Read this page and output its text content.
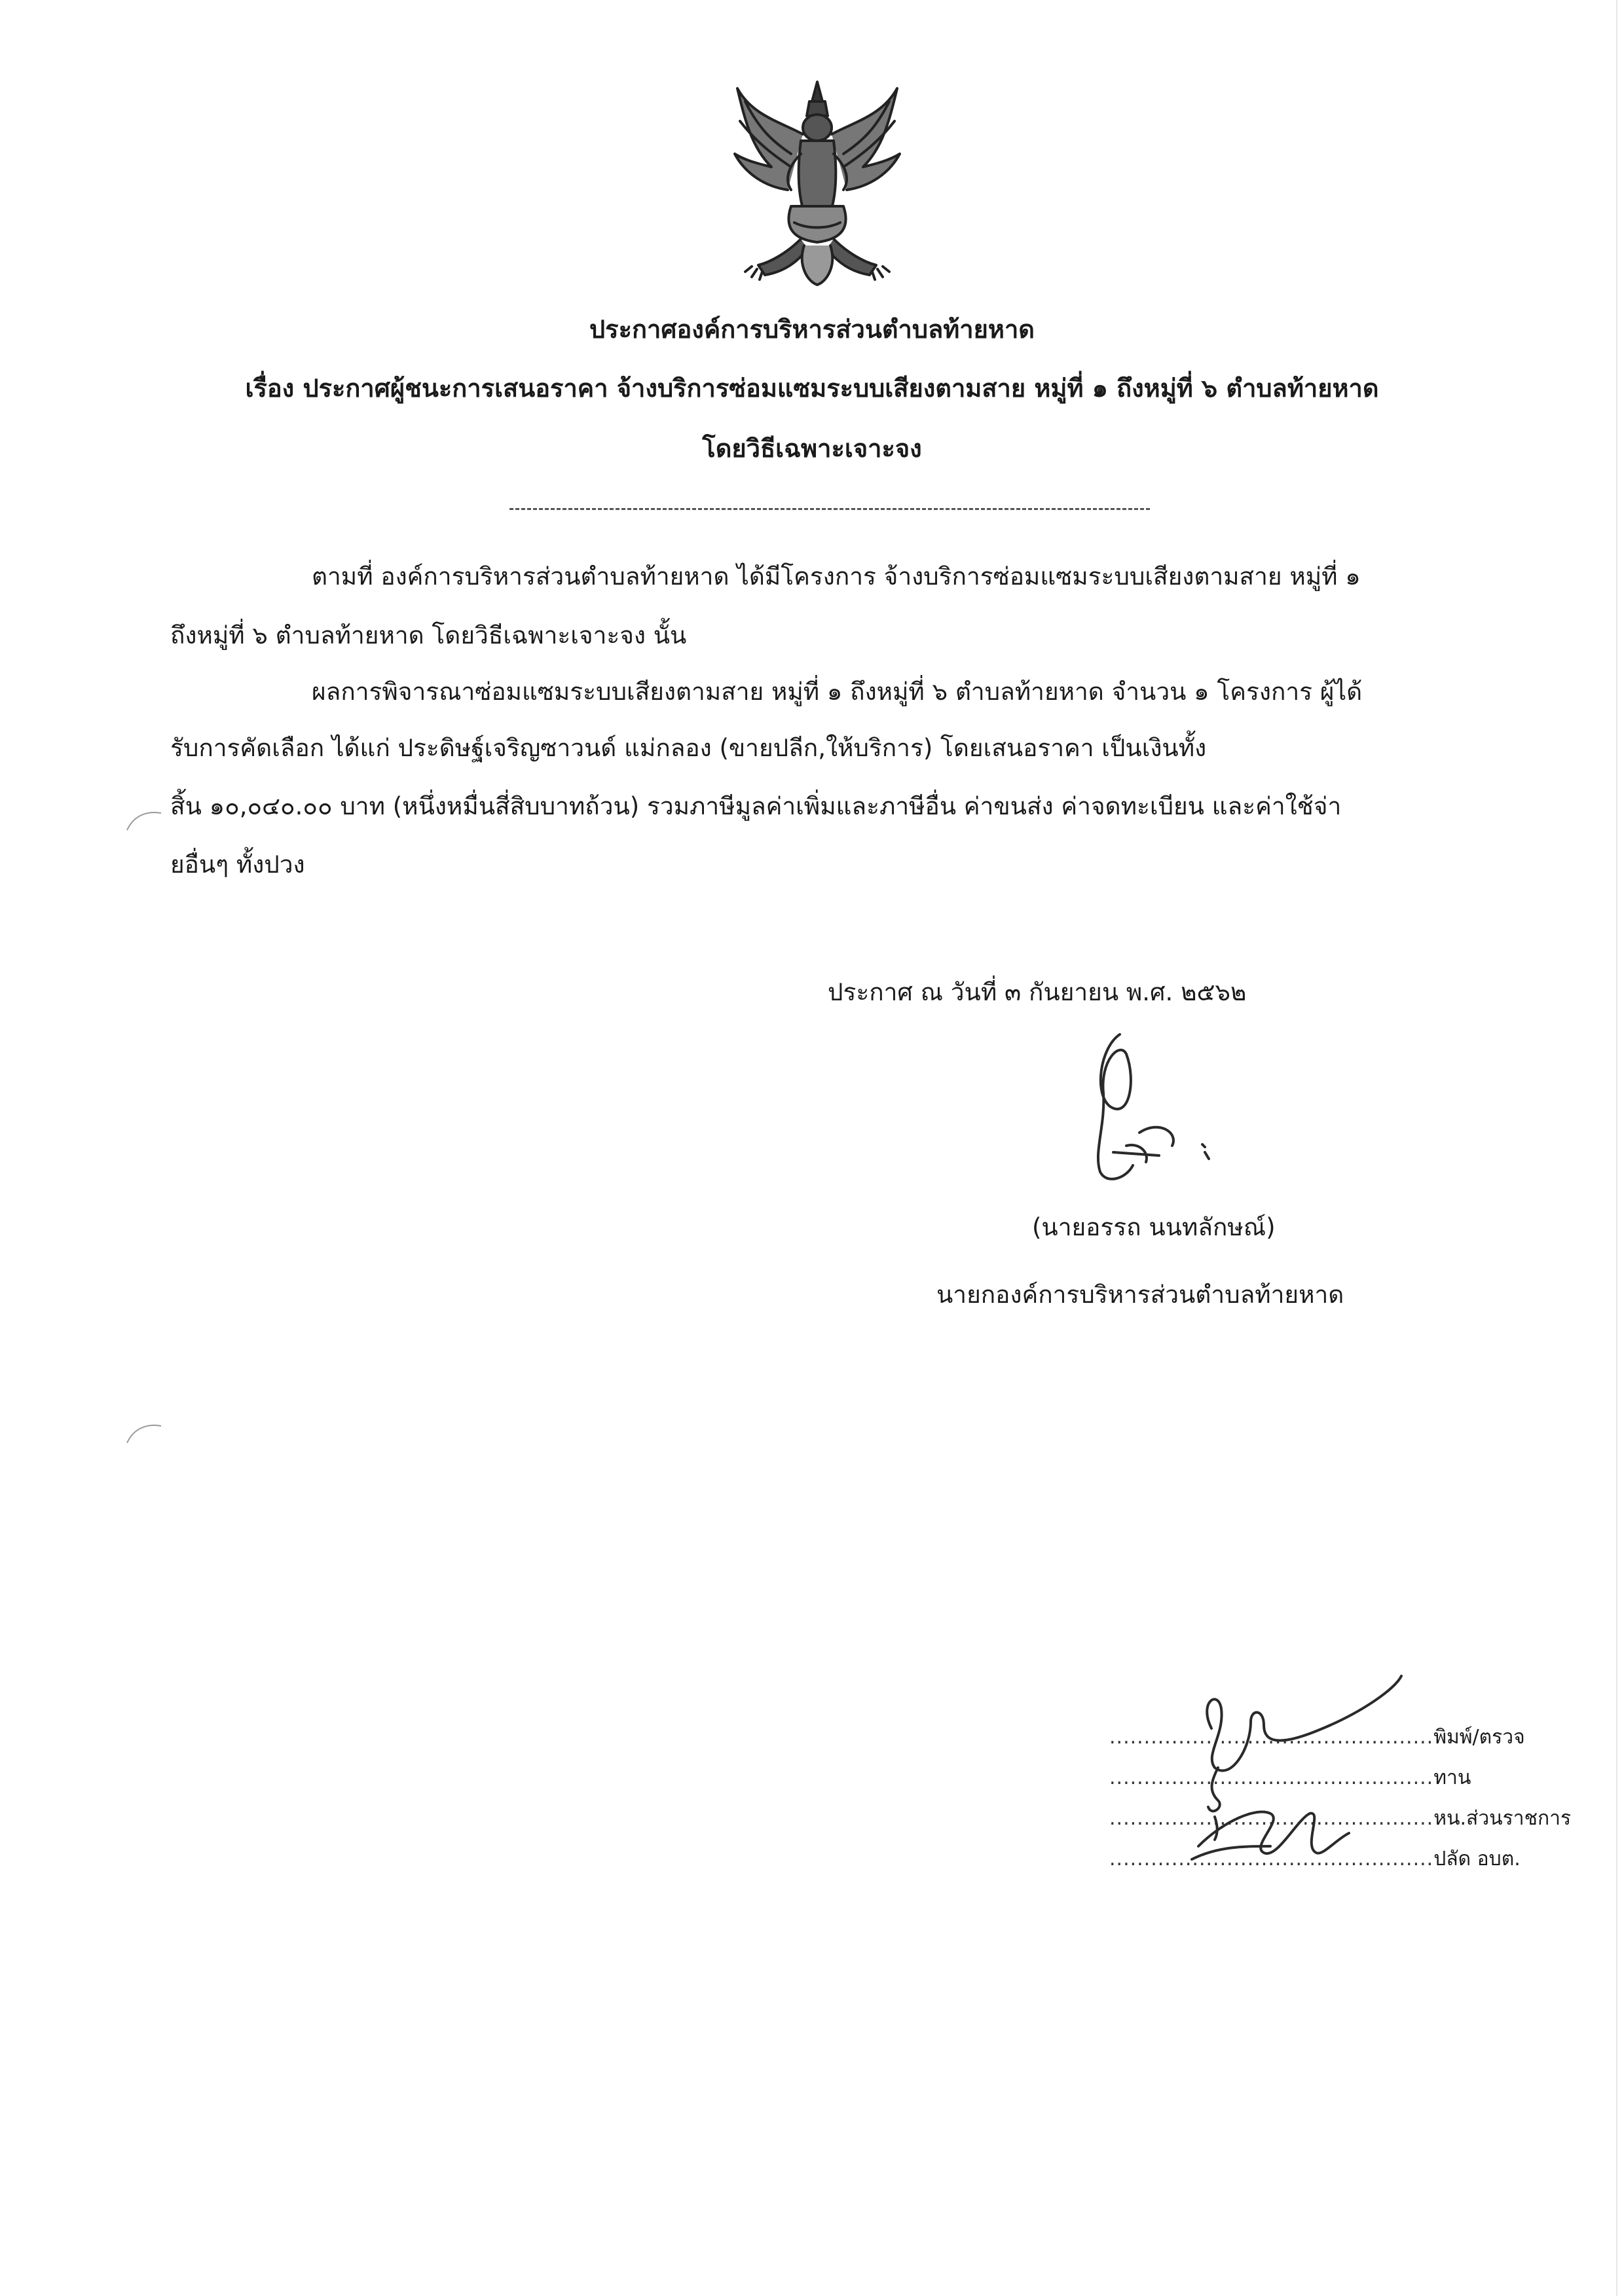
ประกาศองค์การบริหารส่วนตำบลท้ายหาด
เรื่อง ประกาศผู้ชนะการเสนอราคา จ้างบริการซ่อมแซมระบบเสียงตามสาย หมู่ที่ ๑ ถึงหมู่ที่ ๖ ตำบลท้ายหาด
โดยวิธีเฉพาะเจาะจง
ตามที่ องค์การบริหารส่วนตำบลท้ายหาด ได้มีโครงการ จ้างบริการซ่อมแซมระบบเสียงตามสาย หมู่ที่ ๑
ถึงหมู่ที่ ๖ ตำบลท้ายหาด โดยวิธีเฉพาะเจาะจง นั้น
ผลการพิจารณาซ่อมแซมระบบเสียงตามสาย หมู่ที่ ๑ ถึงหมู่ที่ ๖ ตำบลท้ายหาด จำนวน ๑ โครงการ ผู้ได้
รับการคัดเลือก ได้แก่ ประดิษฐ์เจริญซาวนด์ แม่กลอง (ขายปลีก,ให้บริการ) โดยเสนอราคา เป็นเงินทั้ง
สิ้น ๑๐,๐๔๐.๐๐ บาท (หนึ่งหมื่นสี่สิบบาทถ้วน) รวมภาษีมูลค่าเพิ่มและภาษีอื่น ค่าขนส่ง ค่าจดทะเบียน และค่าใช้จ่า
ยอื่นๆ ทั้งปวง
ประกาศ ณ วันที่ ๓ กันยายน พ.ศ. ๒๕๖๒
(นายอรรถ นนทลักษณ์)
นายกองค์การบริหารส่วนตำบลท้ายหาด
...............................................พิมพ์/ตรวจ
...............................................ทาน
...............................................หน.ส่วนราชการ
...............................................ปลัด อบต.
